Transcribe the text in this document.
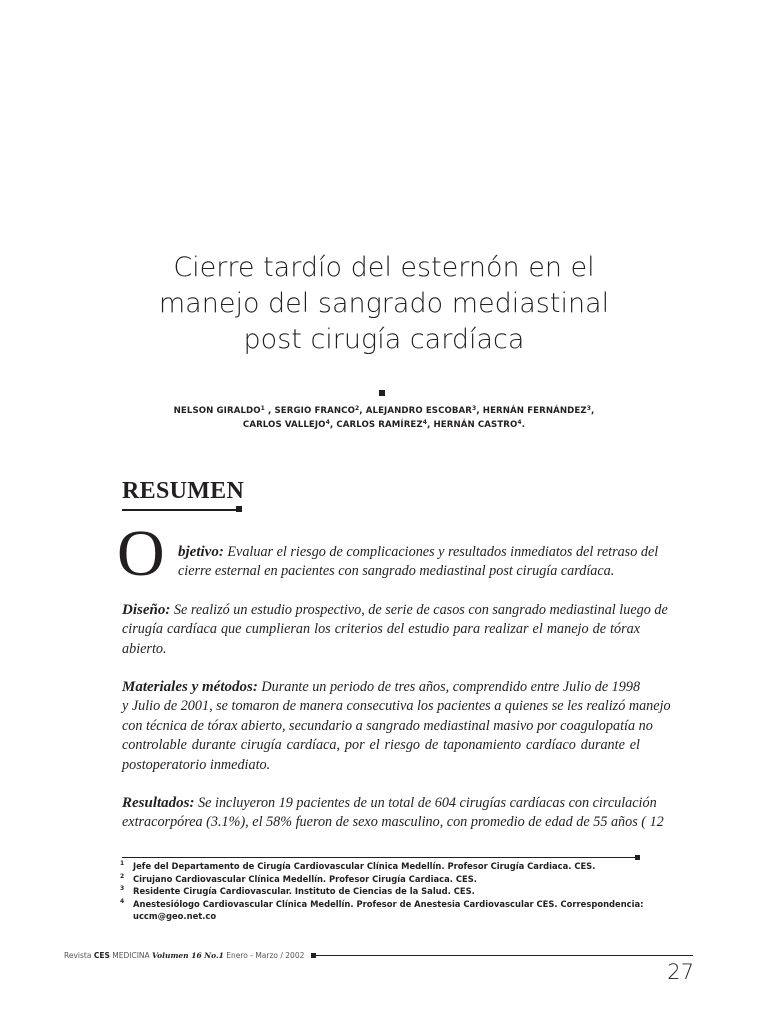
Cierre tardío del esternón en el
manejo del sangrado mediastinal
post cirugía cardíaca
NELSON GIRALDO$^1$ , SERGIO FRANCO$^2$, ALEJANDRO ESCOBAR$^3$, HERNÁN FERNÁNDEZ$^3$,
CARLOS VALLEJO$^4$, CARLOS RAMÍREZ$^4$, HERNÁN CASTRO$^4$.
RESUMEN
O bjetivo: Evaluar el riesgo de complicaciones y resultados inmediatos del retraso del
cierre esternal en pacientes con sangrado mediastinal post cirugía cardíaca.

Diseño: Se realizó un estudio prospectivo, de serie de casos con sangrado mediastinal luego de
cirugía cardíaca que cumplieran los criterios del estudio para realizar el manejo de tórax
abierto.

Materiales y métodos: Durante un periodo de tres años, comprendido entre Julio de 1998
y Julio de 2001, se tomaron de manera consecutiva los pacientes a quienes se les realizó manejo
con técnica de tórax abierto, secundario a sangrado mediastinal masivo por coagulopatía no
controlable durante cirugía cardíaca, por el riesgo de taponamiento cardíaco durante el
postoperatorio inmediato.

Resultados: Se incluyeron 19 pacientes de un total de 604 cirugías cardíacas con circulación
extracorpórea (3.1%), el 58% fueron de sexo masculino, con promedio de edad de 55 años ( 12

1 Jefe del Departamento de Cirugía Cardiovascular Clínica Medellín. Profesor Cirugía Cardiaca. CES.
2 Cirujano Cardiovascular Clínica Medellín. Profesor Cirugía Cardiaca. CES.
3 Residente Cirugía Cardiovascular. Instituto de Ciencias de la Salud. CES.
4 Anestesiólogo Cardiovascular Clínica Medellín. Profesor de Anestesia Cardiovascular CES. Correspondencia:
uccm@geo.net.co
Revista CES MEDICINA Volumen 16 No.1 Enero - Marzo / 2002
27
